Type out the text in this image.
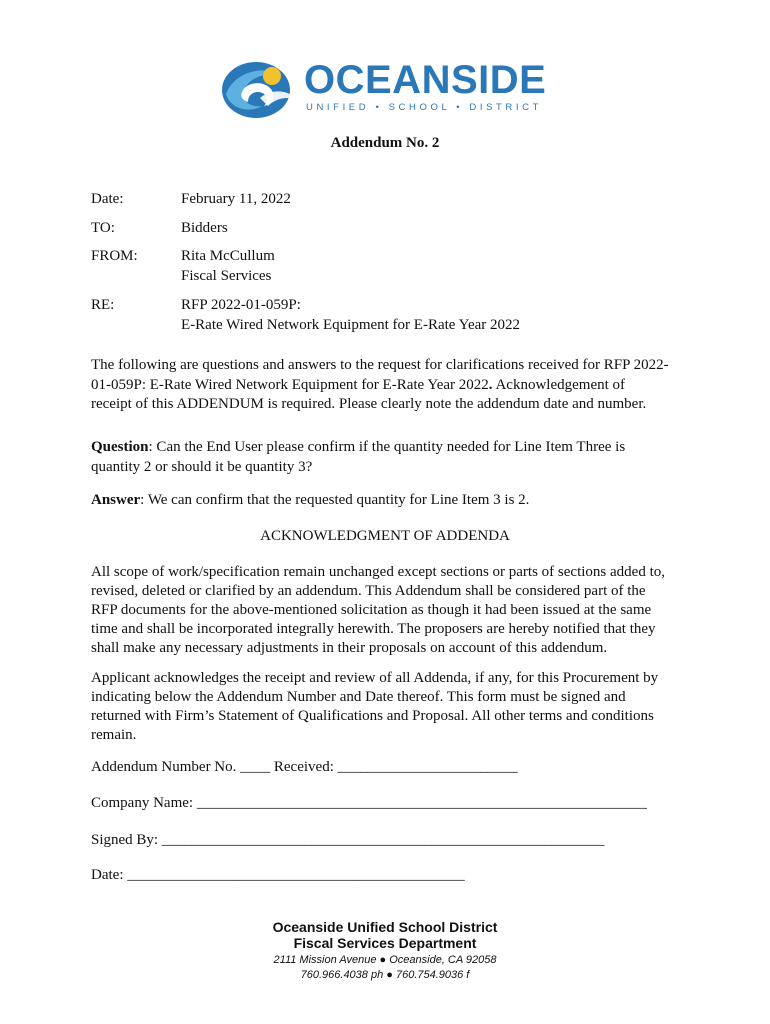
OCEANSIDE
UNIFIED • SCHOOL • DISTRICT
Addendum No. 2
Date:	February 11, 2022
TO:	Bidders
FROM:	Rita McCullum
Fiscal Services
RE:	RFP 2022-01-059P:
E-Rate Wired Network Equipment for E-Rate Year 2022
The following are questions and answers to the request for clarifications received for RFP 2022-
01-059P: E-Rate Wired Network Equipment for E-Rate Year 2022. Acknowledgement of
receipt of this ADDENDUM is required. Please clearly note the addendum date and number.
Question: Can the End User please confirm if the quantity needed for Line Item Three is
quantity 2 or should it be quantity 3?
Answer: We can confirm that the requested quantity for Line Item 3 is 2.
ACKNOWLEDGMENT OF ADDENDA
All scope of work/specification remain unchanged except sections or parts of sections added to,
revised, deleted or clarified by an addendum. This Addendum shall be considered part of the
RFP documents for the above-mentioned solicitation as though it had been issued at the same
time and shall be incorporated integrally herewith. The proposers are hereby notified that they
shall make any necessary adjustments in their proposals on account of this addendum.
Applicant acknowledges the receipt and review of all Addenda, if any, for this Procurement by
indicating below the Addendum Number and Date thereof. This form must be signed and
returned with Firm’s Statement of Qualifications and Proposal. All other terms and conditions
remain.
Addendum Number No. ____ Received: ________________________
Company Name: ____________________________________________________________
Signed By: ___________________________________________________________
Date: _____________________________________________
Oceanside Unified School District
Fiscal Services Department
2111 Mission Avenue ● Oceanside, CA 92058
760.966.4038 ph ● 760.754.9036 f
